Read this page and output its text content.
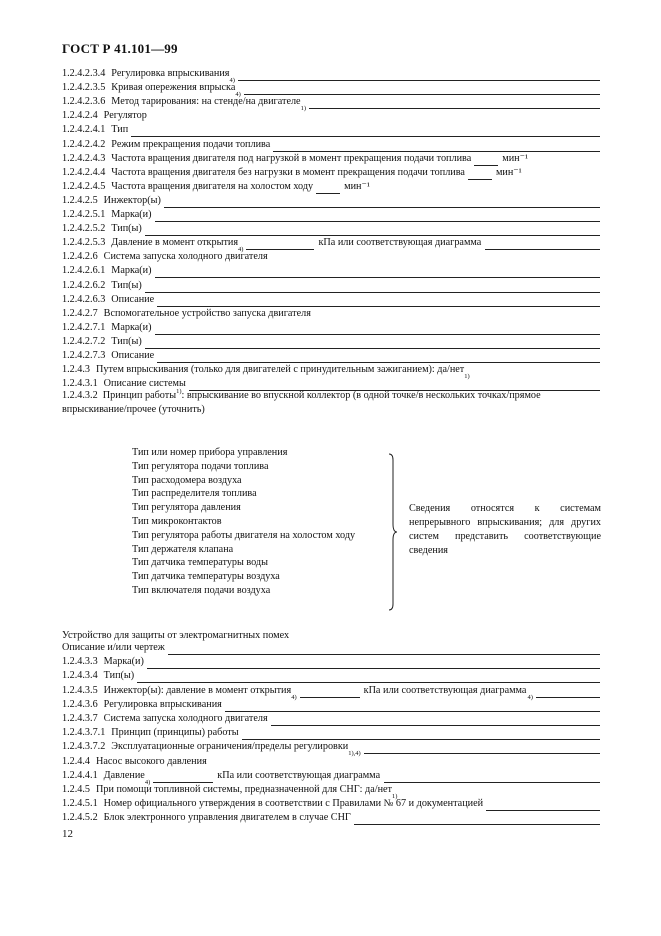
ГОСТ Р 41.101—99
1.2.4.2.3.4 Регулировка впрыскивания
4)
1.2.4.2.3.5 Кривая опережения впрыска
4)
1.2.4.2.3.6 Метод тарирования: на стенде/на двигателе
1)
1.2.4.2.4 Регулятор
1.2.4.2.4.1 Тип
1.2.4.2.4.2 Режим прекращения подачи топлива
1.2.4.2.4.3 Частота вращения двигателя под нагрузкой в момент прекращения подачи топлива	мин⁻¹
1.2.4.2.4.4 Частота вращения двигателя без нагрузки в момент прекращения подачи топлива	мин⁻¹
1.2.4.2.4.5 Частота вращения двигателя на холостом ходу	мин⁻¹
1.2.4.2.5 Инжектор(ы)
1.2.4.2.5.1 Марка(и)
1.2.4.2.5.2 Тип(ы)
1.2.4.2.5.3 Давление в момент открытия
4)
кПа или соответствующая диаграмма
1.2.4.2.6 Система запуска холодного двигателя
1.2.4.2.6.1 Марка(и)
1.2.4.2.6.2 Тип(ы)
1.2.4.2.6.3 Описание
1.2.4.2.7 Вспомогательное устройство запуска двигателя
1.2.4.2.7.1 Марка(и)
1.2.4.2.7.2 Тип(ы)
1.2.4.2.7.3 Описание
1.2.4.3 Путем впрыскивания (только для двигателей с принудительным зажиганием): да/нет
1)
1.2.4.3.1 Описание системы
1.2.4.3.2 Принцип работы$^{1)}$: впрыскивание во впускной коллектор (в одной точке/в нескольких точках/прямое впрыскивание/прочее (уточнить)
Тип или номер прибора управления
Тип регулятора подачи топлива
Тип расходомера воздуха
Тип распределителя топлива
Тип регулятора давления
Тип микроконтактов
Тип регулятора работы двигателя на холостом ходу
Тип держателя клапана
Тип датчика температуры воды
Тип датчика температуры воздуха
Тип включателя подачи воздуха
Сведения относятся к системам непрерывного впрыскивания; для других систем представить соответствующие сведения
Устройство для защиты от электромагнитных помех
Описание и/или чертеж
1.2.4.3.3 Марка(и)
1.2.4.3.4 Тип(ы)
1.2.4.3.5 Инжектор(ы): давление в момент открытия
4)
кПа или соответствующая диаграмма
4)
1.2.4.3.6 Регулировка впрыскивания
1.2.4.3.7 Система запуска холодного двигателя
1.2.4.3.7.1 Принцип (принципы) работы
1.2.4.3.7.2 Эксплуатационные ограничения/пределы регулировки
1),4)
1.2.4.4 Насос высокого давления
1.2.4.4.1 Давление
4)
кПа или соответствующая диаграмма
1.2.4.5 При помощи топливной системы, предназначенной для СНГ: да/нет
1)
1.2.4.5.1 Номер официального утверждения в соответствии с Правилами № 67 и документацией
1.2.4.5.2 Блок электронного управления двигателем в случае СНГ
12
